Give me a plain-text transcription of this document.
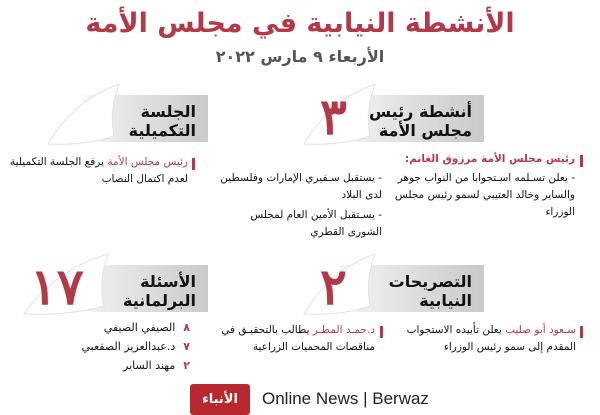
الأنشطة النيابية في مجلس الأمة
الأربعاء ٩ مارس ٢٠٢٢
٣ أنشطة رئيس
مجلس الأمة
الجلسة
التكميلية
رئيس مجلس الأمة مرزوق الغانم:
- يعلن تسـلمه اسـتجوابا من النواب جوهر والساير وخالد العتيبي لسمو رئيس مجلس الوزراء
- يستقبل سـفيري الإمارات وفلسطين لدى البلاد
- يسـتقبل الأمين العام لمجلس الشورى القطري
رئيس مجلس الأمة يرفع الجلسة التكميلية لعدم اكتمال النصاب
٢	التصريحات
النيابية
١٧	الأسئلة
البرلمانية
سـعود أبو صليب يعلن تأييده الاستجواب المقدم إلى سمو رئيس الوزراء
د.حمـد المطـر يطالب بالتحقيـق في مناقصات المحميات الزراعية
٨الصيفي الصيفي
٧د.عبدالعزيز الصقعبي
٢مهند الساير
الأنباء	Online News | Berwaz
